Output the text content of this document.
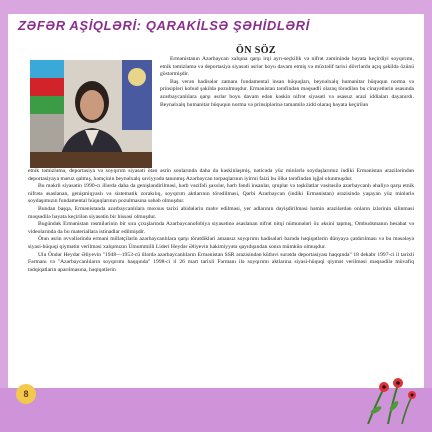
ZƏFƏR AŞİQLƏRİ: QARAKİLSƏ ŞƏHİDLƏRİ
ÖN SÖZ

Ermənistanın Azərbaycan xalqına qarşı irqi ayrı-seçkilik və nifrət zəminində həyata keçirdiyi soyqırımı, etnik təmizləmə və deportasiya siyasəti əsrlər boyu davam etmiş və müxtəlif tarixi dövrlərdə açıq şəkildə özünü göstərmişdir.

Baş verən hadisələr zamanı fundamental insan hüquqları, beynəlxalq humanitar hüququn norma və prinsipləri kobud şəkildə pozulmuşdur. Ermənistan tərəfindən məqsədli olaraq törədilən bu cinayətlərin əsasında azərbaycanlılara qarşı əsrlər boyu davam edən kəskin nifrət siyasəti və əsassız ərazi iddiaları dayanırdı. Beynəlxalq humanitar hüququn norma və prinsiplərinə tamamilə zidd olaraq həyata keçirilən

etnik təmizləmə, deportasiya və soyqırım siyasəti ötən əsrin sonlarında daha da kəskinləşmiş, nəticədə yüz minlərlə soydaşlarımız indiki Ermənistan ərazilərindən deportasiyaya məruz qalmış, həmçinin beynəlxalq səviyyədə tanınmış Azərbaycan torpaqlarının iyirmi faizi bu ölkə tərəfindən işğal olunmuşdur.

Bu məkrli siyasətin 1990-cı illərdə daha da genişləndirilməsi, hərb vəzifəli şəxslər, hərb fəndi insanlar, qruplar və təşkilatlar vasitəsilə azərbaycanlı əhaliyə qarşı etnik nifrətə əsaslanan, genişmiqyaslı və sistematik zorakılıq, soyqırım aktlarının törədilməsi, Qərbi Azərbaycan (indiki Ermənistan) ərazisində yaşayan yüz minlərlə soydaşımızın fundamental hüquqlarının pozulmasına səbəb olmuşdur.

Bundan başqa, Ermənistanda azərbaycanlılara məxsus tarixi abidələrin məhv edilməsi, yer adlarının dəyişdirilməsi həmin ərazilərdən onların izlərinin silinməsi məqsədilə həyata keçirilən siyasətin bir hissəsi olmuşdur.

Bugündək Ermənistan rəsmilərinin bir sıra çıxışlarında Azərbaycanofobiya siyasətinə əsaslanan nifrət nitqi nümunələri öz əksini tapmış, Ombudsmanın hesabat və videolarında da bu materiallara istinadlar edilmişdir.

Ötən əsrin əvvəllərində erməni millətçilərin azərbaycanlılara qarşı törətdikləri amansız soyqırımı hadisələri barədə həqiqətlərin dünyaya çatdırılması və bu məsələyə siyasi-hüquqi qiymətin verilməsi xalqımızın Ümummilli Lideri Heydər Əliyevin hakimiyyətə qayıdışından sonra mümkün olmuşdur.

Ulu Öndər Heydər Əliyevin "1948—1953-cü illərdə azərbaycanlıların Ermənistan SSR ərazisindən kütləvi surətdə deportasiyası haqqında" 18 dekabr 1997-ci il tarixli Fərmanı və "Azərbaycanlıların soyqırımı haqqında" 1998-ci il 26 mart tarixli Fərmanı ilə soyqırımı aktlarına siyasi-hüquqi qiymət verilməsi məqsədilə müvafiq tədqiqatların aparılmasına, həqiqətlərin

8
